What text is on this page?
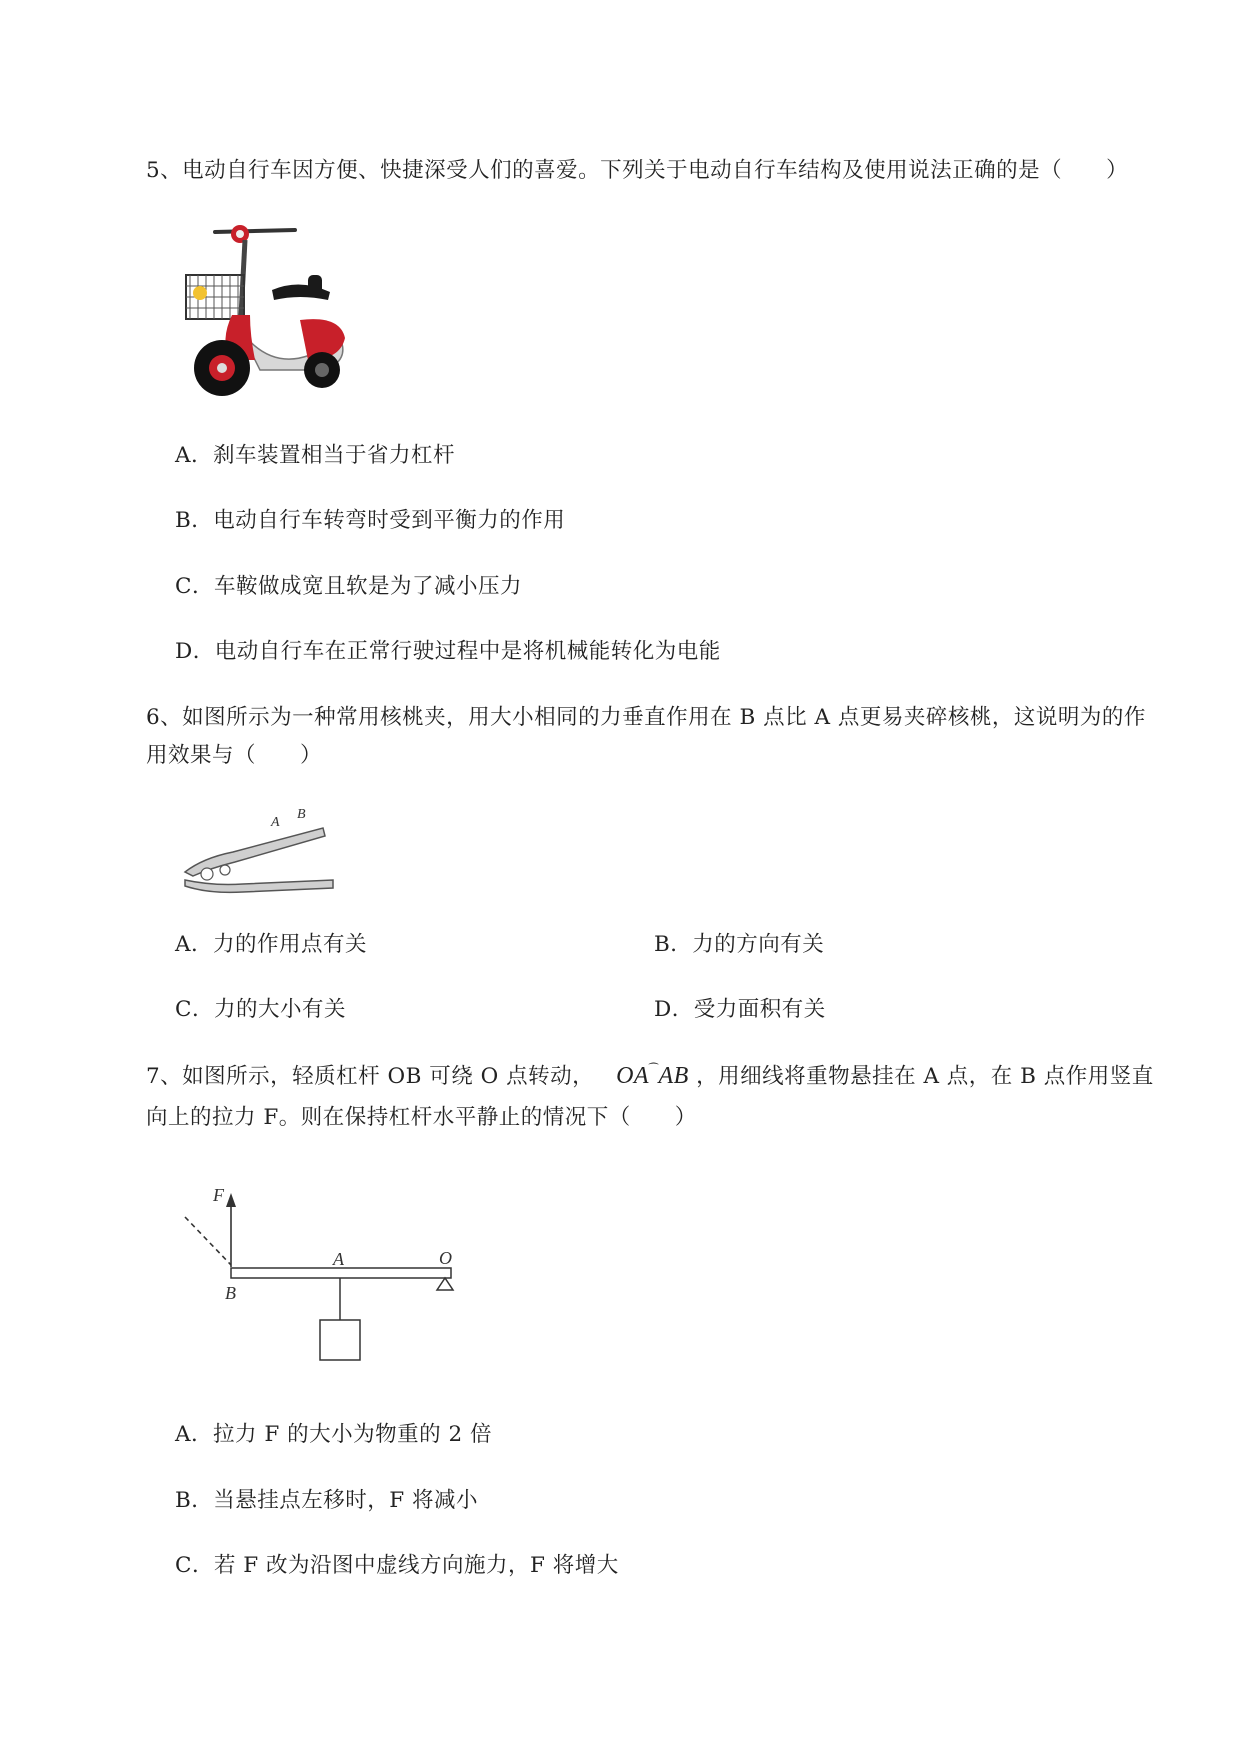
5、电动自行车因方便、快捷深受人们的喜爱。下列关于电动自行车结构及使用说法正确的是（　　）
A．刹车装置相当于省力杠杆
B．电动自行车转弯时受到平衡力的作用
C．车鞍做成宽且软是为了减小压力
D．电动自行车在正常行驶过程中是将机械能转化为电能
6、如图所示为一种常用核桃夹，用大小相同的力垂直作用在 B 点比 A 点更易夹碎核桃，这说明为的作用效果与（　　）
A
B
A．力的作用点有关	B．力的方向有关
C．力的大小有关	D．受力面积有关
7、如图所示，轻质杠杆 OB 可绕 O 点转动， OA⁀AB ，用细线将重物悬挂在 A 点，在 B 点作用竖直向上的拉力 F。则在保持杠杆水平静止的情况下（　　）
F
O
A
B
A．拉力 F 的大小为物重的 2 倍
B．当悬挂点左移时，F 将减小
C．若 F 改为沿图中虚线方向施力，F 将增大
